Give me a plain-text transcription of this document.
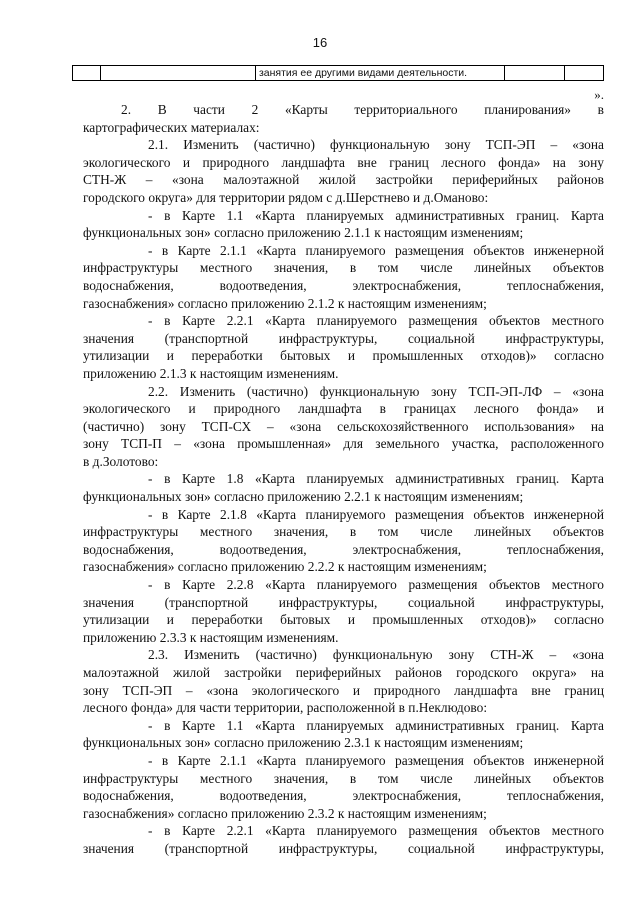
16
		занятия ее другими видами деятельности.		
».
2. В части 2 «Карты территориального планирования» в
картографических материалах:
2.1. Изменить (частично) функциональную зону ТСП-ЭП – «зона
экологического и природного ландшафта вне границ лесного фонда» на зону
СТН-Ж – «зона малоэтажной жилой застройки периферийных районов
городского округа» для территории рядом с д.Шерстнево и д.Оманово:
- в Карте 1.1 «Карта планируемых административных границ. Карта
функциональных зон» согласно приложению 2.1.1 к настоящим изменениям;
- в Карте 2.1.1 «Карта планируемого размещения объектов инженерной
инфраструктуры местного значения, в том числе линейных объектов
водоснабжения, водоотведения, электроснабжения, теплоснабжения,
газоснабжения» согласно приложению 2.1.2 к настоящим изменениям;
- в Карте 2.2.1 «Карта планируемого размещения объектов местного
значения (транспортной инфраструктуры, социальной инфраструктуры,
утилизации и переработки бытовых и промышленных отходов)» согласно
приложению 2.1.3 к настоящим изменениям.
2.2. Изменить (частично) функциональную зону ТСП-ЭП-ЛФ – «зона
экологического и природного ландшафта в границах лесного фонда» и
(частично) зону ТСП-СХ – «зона сельскохозяйственного использования» на
зону ТСП-П – «зона промышленная» для земельного участка, расположенного
в д.Золотово:
- в Карте 1.8 «Карта планируемых административных границ. Карта
функциональных зон» согласно приложению 2.2.1 к настоящим изменениям;
- в Карте 2.1.8 «Карта планируемого размещения объектов инженерной
инфраструктуры местного значения, в том числе линейных объектов
водоснабжения, водоотведения, электроснабжения, теплоснабжения,
газоснабжения» согласно приложению 2.2.2 к настоящим изменениям;
- в Карте 2.2.8 «Карта планируемого размещения объектов местного
значения (транспортной инфраструктуры, социальной инфраструктуры,
утилизации и переработки бытовых и промышленных отходов)» согласно
приложению 2.3.3 к настоящим изменениям.
2.3. Изменить (частично) функциональную зону СТН-Ж – «зона
малоэтажной жилой застройки периферийных районов городского округа» на
зону ТСП-ЭП – «зона экологического и природного ландшафта вне границ
лесного фонда» для части территории, расположенной в п.Неклюдово:
- в Карте 1.1 «Карта планируемых административных границ. Карта
функциональных зон» согласно приложению 2.3.1 к настоящим изменениям;
- в Карте 2.1.1 «Карта планируемого размещения объектов инженерной
инфраструктуры местного значения, в том числе линейных объектов
водоснабжения, водоотведения, электроснабжения, теплоснабжения,
газоснабжения» согласно приложению 2.3.2 к настоящим изменениям;
- в Карте 2.2.1 «Карта планируемого размещения объектов местного
значения (транспортной инфраструктуры, социальной инфраструктуры,
